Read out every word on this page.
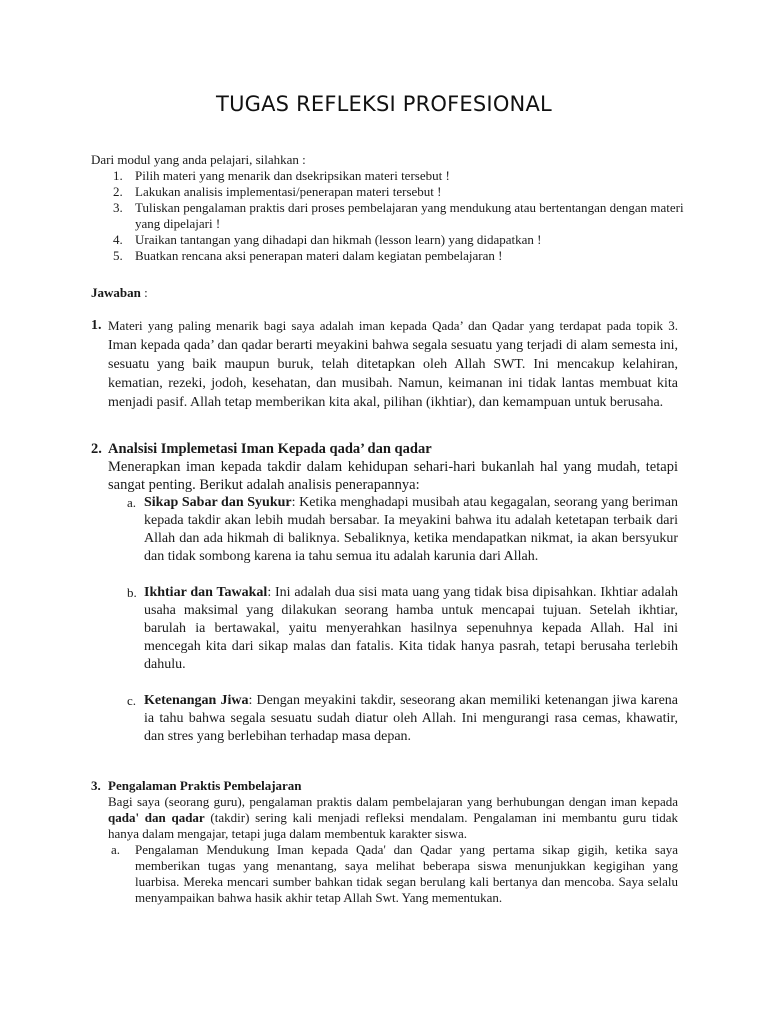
TUGAS REFLEKSI PROFESIONAL
Dari modul yang anda pelajari, silahkan :
1. Pilih materi yang menarik dan dsekripsikan materi tersebut !
2. Lakukan analisis implementasi/penerapan materi tersebut !
3. Tuliskan pengalaman praktis dari proses pembelajaran yang mendukung atau bertentangan dengan materi yang dipelajari !
4. Uraikan tantangan yang dihadapi dan hikmah (lesson learn) yang didapatkan !
5. Buatkan rencana aksi penerapan materi dalam kegiatan pembelajaran !
Jawaban :
1. Materi yang paling menarik bagi saya adalah iman kepada Qada’ dan Qadar yang terdapat pada topik 3. Iman kepada qada’ dan qadar berarti meyakini bahwa segala sesuatu yang terjadi di alam semesta ini, sesuatu yang baik maupun buruk, telah ditetapkan oleh Allah SWT. Ini mencakup kelahiran, kematian, rezeki, jodoh, kesehatan, dan musibah. Namun, keimanan ini tidak lantas membuat kita menjadi pasif. Allah tetap memberikan kita akal, pilihan (ikhtiar), dan kemampuan untuk berusaha.
2. Analsisi Implemetasi Iman Kepada qada’ dan qadar
Menerapkan iman kepada takdir dalam kehidupan sehari-hari bukanlah hal yang mudah, tetapi sangat penting. Berikut adalah analisis penerapannya:
a. Sikap Sabar dan Syukur: Ketika menghadapi musibah atau kegagalan, seorang yang beriman kepada takdir akan lebih mudah bersabar. Ia meyakini bahwa itu adalah ketetapan terbaik dari Allah dan ada hikmah di baliknya. Sebaliknya, ketika mendapatkan nikmat, ia akan bersyukur dan tidak sombong karena ia tahu semua itu adalah karunia dari Allah.
b. Ikhtiar dan Tawakal: Ini adalah dua sisi mata uang yang tidak bisa dipisahkan. Ikhtiar adalah usaha maksimal yang dilakukan seorang hamba untuk mencapai tujuan. Setelah ikhtiar, barulah ia bertawakal, yaitu menyerahkan hasilnya sepenuhnya kepada Allah. Hal ini mencegah kita dari sikap malas dan fatalis. Kita tidak hanya pasrah, tetapi berusaha terlebih dahulu.
c. Ketenangan Jiwa: Dengan meyakini takdir, seseorang akan memiliki ketenangan jiwa karena ia tahu bahwa segala sesuatu sudah diatur oleh Allah. Ini mengurangi rasa cemas, khawatir, dan stres yang berlebihan terhadap masa depan.
3. Pengalaman Praktis Pembelajaran
Bagi saya (seorang guru), pengalaman praktis dalam pembelajaran yang berhubungan dengan iman kepada qada' dan qadar (takdir) sering kali menjadi refleksi mendalam. Pengalaman ini membantu guru tidak hanya dalam mengajar, tetapi juga dalam membentuk karakter siswa.
a. Pengalaman Mendukung Iman kepada Qada' dan Qadar yang pertama sikap gigih, ketika saya memberikan tugas yang menantang, saya melihat beberapa siswa menunjukkan kegigihan yang luarbisa. Mereka mencari sumber bahkan tidak segan berulang kali bertanya dan mencoba. Saya selalu menyampaikan bahwa hasik akhir tetap Allah Swt. Yang mementukan.
